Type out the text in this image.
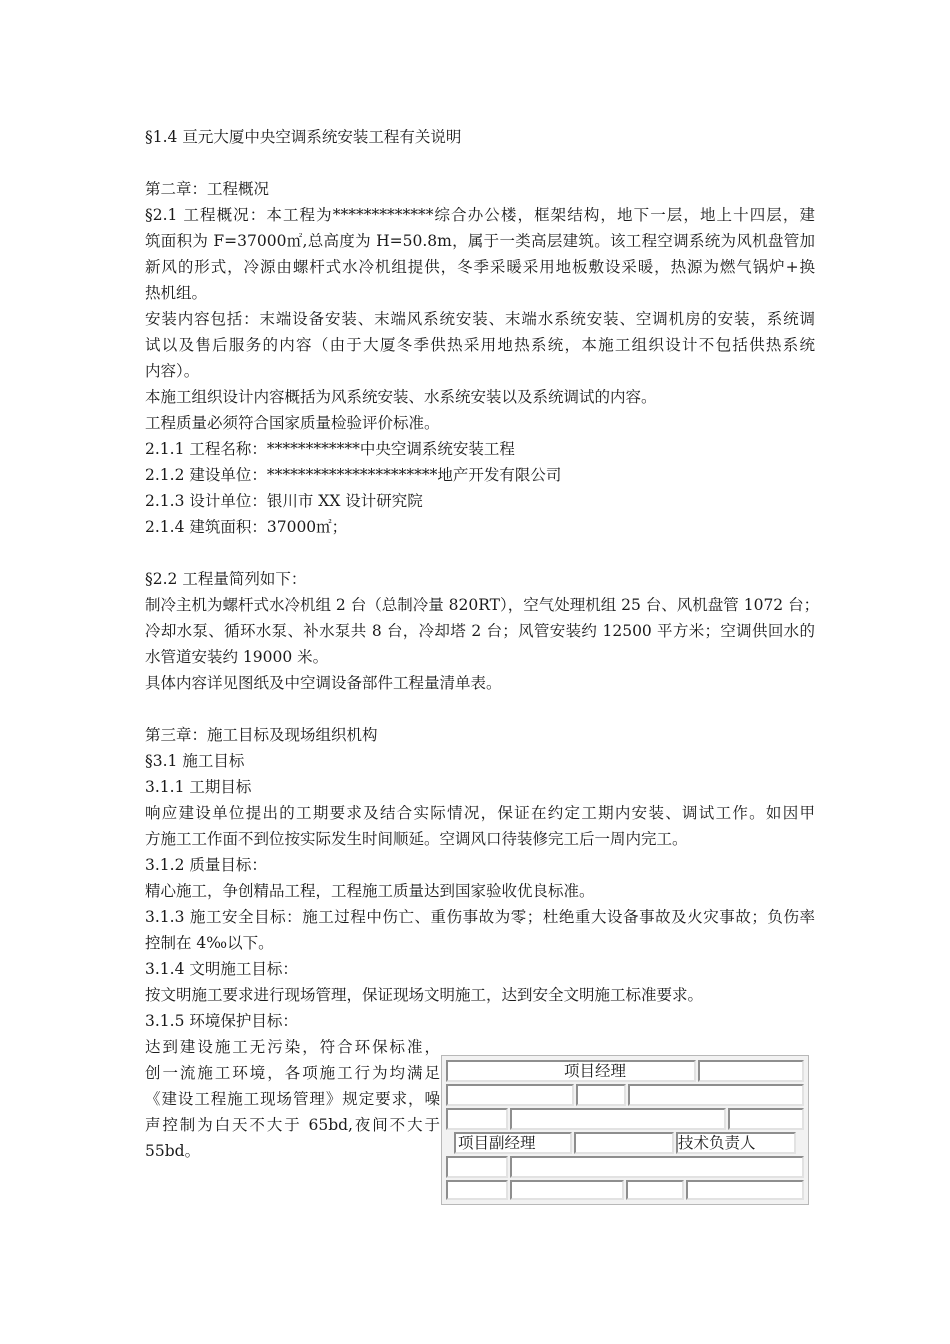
§1.4 亘元大厦中央空调系统安装工程有关说明
第二章：工程概况
§2.1 工程概况：本工程为*************综合办公楼，框架结构，地下一层，地上十四层，建
筑面积为 F=37000㎡,总高度为 H=50.8m，属于一类高层建筑。该工程空调系统为风机盘管加
新风的形式，冷源由螺杆式水冷机组提供，冬季采暖采用地板敷设采暖，热源为燃气锅炉+换
热机组。
安装内容包括：末端设备安装、末端风系统安装、末端水系统安装、空调机房的安装，系统调
试以及售后服务的内容（由于大厦冬季供热采用地热系统，本施工组织设计不包括供热系统
内容）。
本施工组织设计内容概括为风系统安装、水系统安装以及系统调试的内容。
工程质量必须符合国家质量检验评价标准。
2.1.1 工程名称：************中央空调系统安装工程
2.1.2 建设单位：**********************地产开发有限公司
2.1.3 设计单位：银川市 XX 设计研究院
2.1.4 建筑面积：37000㎡；
§2.2 工程量简列如下：
制冷主机为螺杆式水冷机组 2 台（总制冷量 820RT），空气处理机组 25 台、风机盘管 1072 台；
冷却水泵、循环水泵、补水泵共 8 台，冷却塔 2 台；风管安装约 12500 平方米；空调供回水的
水管道安装约 19000 米。
具体内容详见图纸及中空调设备部件工程量清单表。
第三章：施工目标及现场组织机构
§3.1 施工目标
3.1.1 工期目标
响应建设单位提出的工期要求及结合实际情况，保证在约定工期内安装、调试工作。如因甲
方施工工作面不到位按实际发生时间顺延。空调风口待装修完工后一周内完工。
3.1.2 质量目标：
精心施工，争创精品工程，工程施工质量达到国家验收优良标准。
3.1.3 施工安全目标：施工过程中伤亡、重伤事故为零；杜绝重大设备事故及火灾事故；负伤率
控制在 4‰以下。
3.1.4 文明施工目标：
按文明施工要求进行现场管理，保证现场文明施工，达到安全文明施工标准要求。
3.1.5 环境保护目标：
达到建设施工无污染，符合环保标准，
创一流施工环境，各项施工行为均满足
《建设工程施工现场管理》规定要求，噪
声控制为白天不大于 65bd,夜间不大于
55bd。
项目经理
项目副经理	技术负责人
